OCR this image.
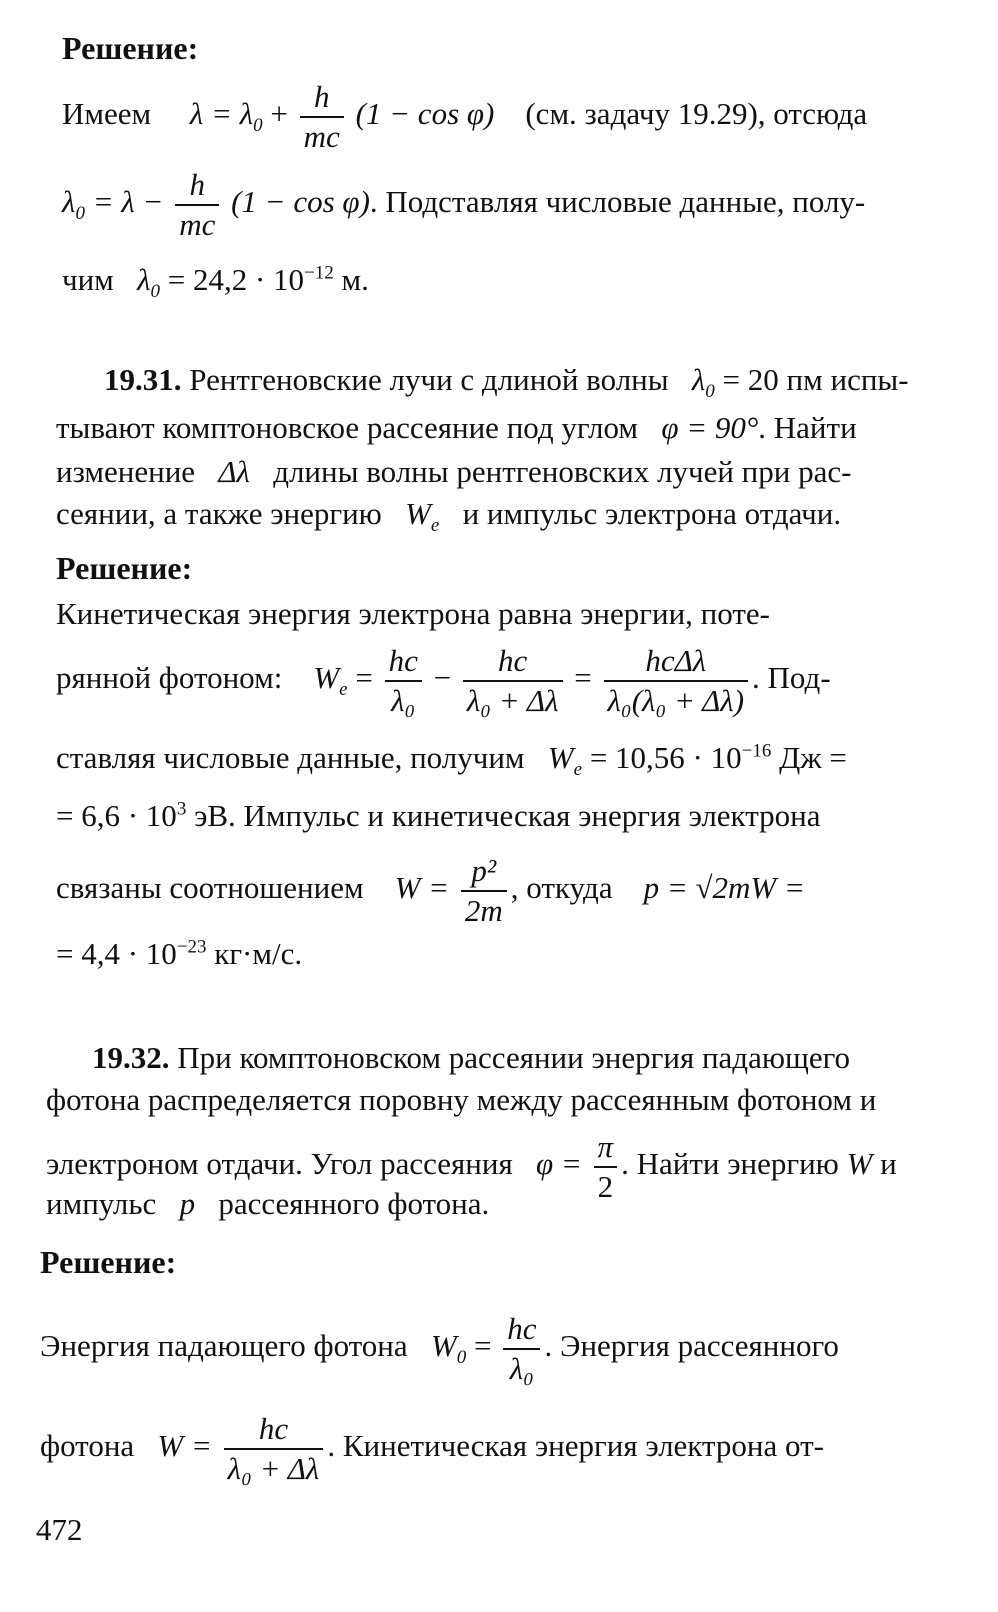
Решение:
Имеем $\lambda = \lambda_0 + \frac{h}{mc} (1 - \cos \varphi)$ (см. задачу 19.29), отсюда
$\lambda_0 = \lambda - \frac{h}{mc} (1 - \cos \varphi)$. Подставляя числовые данные, полу-
чим $\lambda_0 = 24,2 \cdot 10^{-12}$ м.
19.31. Рентгеновские лучи с длиной волны $\lambda_0 = 20$ пм испы-
тывают комптоновское рассеяние под углом φ = 90°. Найти
изменение Δλ длины волны рентгеновских лучей при рас-
сеянии, а также энергию $W_e$ и импульс электрона отдачи.
Решение:
Кинетическая энергия электрона равна энергии, поте-
рянной фотоном: $W_e = \frac{hc}{\text{λ₀}} - \frac{hc}{\text{λ₀ + Δλ}} = \frac{\text{hcΔλ}}{\text{λ₀(λ₀ + Δλ)}}$ . Под-
ставляя числовые данные, получим $W_e = 10,56 \cdot 10^{-16}$ Дж =
= $6,6 \cdot 10^3$ эВ. Импульс и кинетическая энергия электрона
связаны соотношением $W = \frac{\text{p²}}{2m}$ , откуда p = √2mW =
= $4,4 \cdot 10^{-23}$ кг·м/с.
19.32. При комптоновском рассеянии энергия падающего
фотона распределяется поровну между рассеянным фотоном и
электроном отдачи. Угол рассеяния $\varphi = \frac{\pi}{2}$ . Найти энергию W и
импульс p рассеянного фотона.
Решение:
Энергия падающего фотона $W_0 = \frac{hc}{\text{λ₀}}$ . Энергия рассеянного
фотона $W = \frac{hc}{\text{λ₀ + Δλ}}$ . Кинетическая энергия электрона от-
472
